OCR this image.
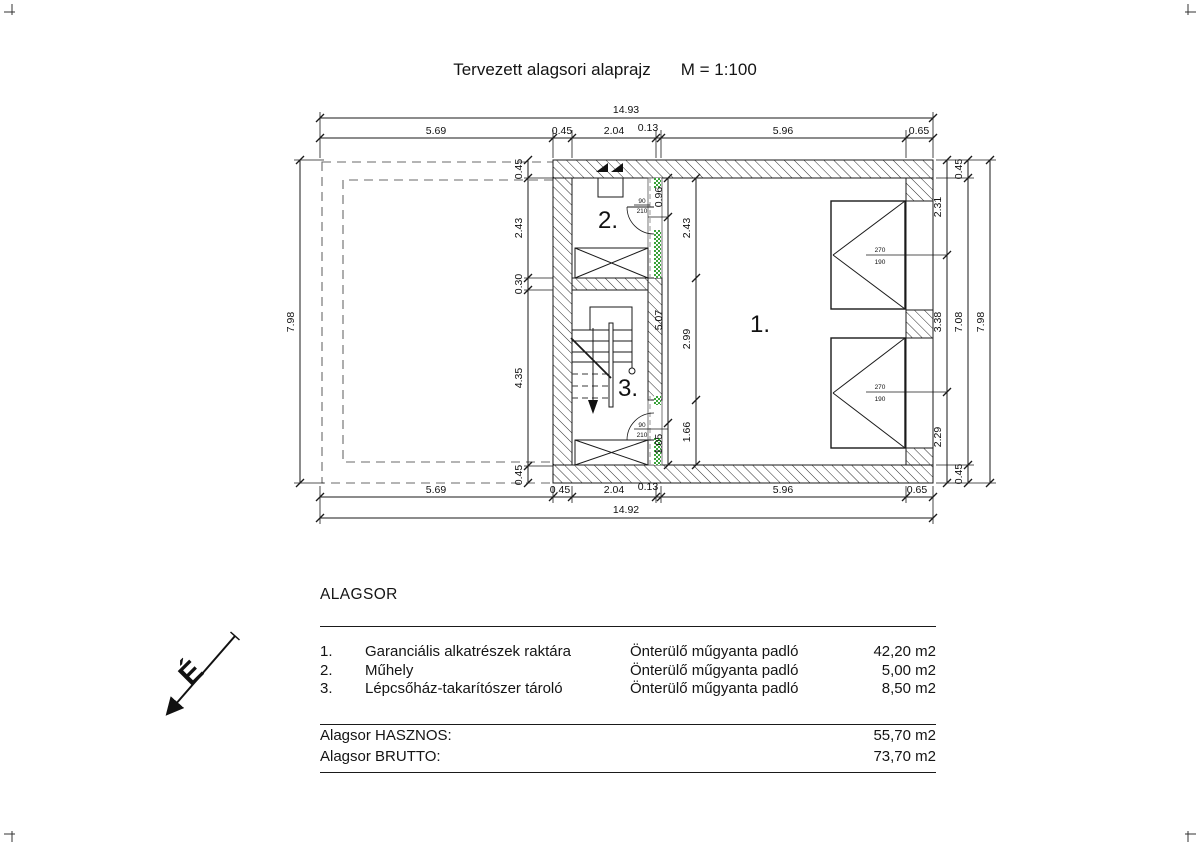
Tervezett alagsori alaprajz M = 1:100
90
210
90
210
270
190
270
190
1.
2.
3.
14.93
5.69	0.45	2.04 0.13	5.96	0.65
5.69	0.45	2.04 0.13	5.96	0.65
14.92
7.98
0.45
2.43
0.30
4.35
0.45
0.96
5.07
1.05
2.43
2.99
1.66
2.31
3.38
2.29
0.45
7.08
0.45
7.98
É
ALAGSOR
1.	Garanciális alkatrészek raktára	Önterülő műgyanta padló	42,20 m2
2.	Műhely	Önterülő műgyanta padló	5,00 m2
3.	Lépcsőház-takarítószer tároló	Önterülő műgyanta padló	8,50 m2
Alagsor HASZNOS:	55,70 m2
Alagsor BRUTTO:	73,70 m2
